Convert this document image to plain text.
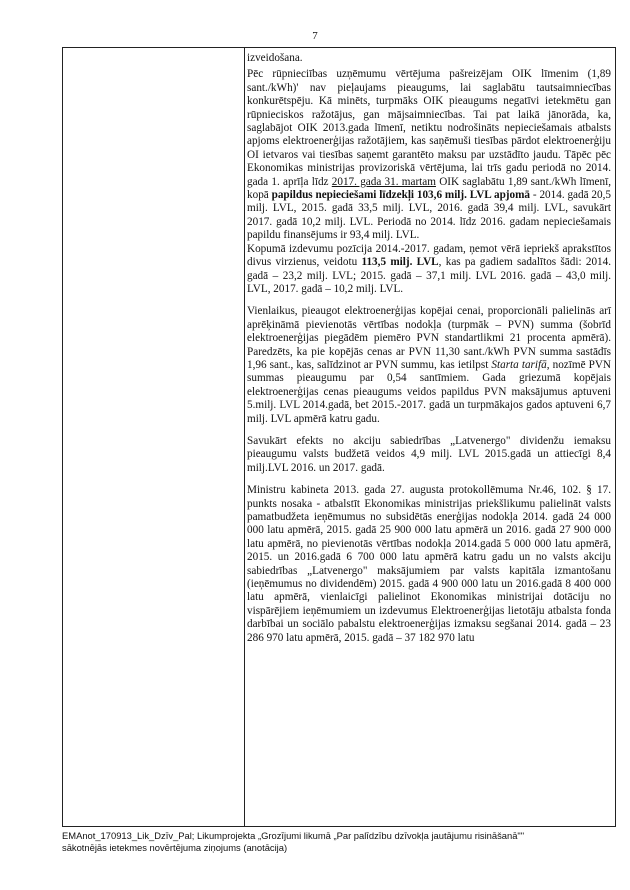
7

izveidošana.

Pēc rūpnieciības uzņēmumu vērtējuma pašreizējam OIK līmenim (1,89 sant./kWh)' nav pieļaujams pieaugums, lai saglabātu tautsaimniecības konkurētspēju. Kā minēts, turpmāks OIK pieaugums negatīvi ietekmētu gan rūpnieciskos ražotājus, gan mājsaimniecības. Tai pat laikā jānorāda, ka, saglabājot OIK 2013.gada līmenī, netiktu nodrošināts nepieciešamais atbalsts apjoms elektroenerģijas ražotājiem, kas saņēmuši tiesības pārdot elektroenerģiju OI ietvaros vai tiesības saņemt garantēto maksu par uzstādīto jaudu. Tāpēc pēc Ekonomikas ministrijas provizoriskā vērtējuma, lai trīs gadu periodā no 2014. gada 1. aprīļa līdz 2017. gada 31. martam OIK saglabātu 1,89 sant./kWh līmenī, kopā papildus nepieciešami līdzekļi 103,6 milj. LVL apjomā - 2014. gadā 20,5 milj. LVL, 2015. gadā 33,5 milj. LVL, 2016. gadā 39,4 milj. LVL, savukārt 2017. gadā 10,2 milj. LVL. Periodā no 2014. līdz 2016. gadam nepieciešamais papildu finansējums ir 93,4 milj. LVL.

Kopumā izdevumu pozīcija 2014.-2017. gadam, ņemot vērā iepriekš aprakstītos divus virzienus, veidotu 113,5 milj. LVL, kas pa gadiem sadalītos šādi: 2014. gadā – 23,2 milj. LVL; 2015. gadā – 37,1 milj. LVL 2016. gadā – 43,0 milj. LVL, 2017. gadā – 10,2 milj. LVL.

Vienlaikus, pieaugot elektroenerģijas kopējai cenai, proporcionāli palielinās arī aprēķināmā pievienotās vērtības nodokļa (turpmāk – PVN) summa (šobrīd elektroenerģijas piegādēm piemēro PVN standartlikmi 21 procenta apmērā). Paredzēts, ka pie kopējās cenas ar PVN 11,30 sant./kWh PVN summa sastādīs 1,96 sant., kas, salīdzinot ar PVN summu, kas ietilpst Starta tarifā, nozīmē PVN summas pieaugumu par 0,54 santīmiem. Gada griezumā kopējais elektroenerģijas cenas pieaugums veidos papildus PVN maksājumus aptuveni 5.milj. LVL 2014.gadā, bet 2015.-2017. gadā un turpmākajos gados aptuveni 6,7 milj. LVL apmērā katru gadu.

Savukārt efekts no akciju sabiedrības „Latvenergo" dividenžu iemaksu pieaugumu valsts budžetā veidos 4,9 milj. LVL 2015.gadā un attiecīgi 8,4 milj.LVL 2016. un 2017. gadā.

Ministru kabineta 2013. gada 27. augusta protokollēmuma Nr.46, 102. § 17. punkts nosaka - atbalstīt Ekonomikas ministrijas priekšlikumu palielināt valsts pamatbudžeta ieņēmumus no subsidētās enerģijas nodokļa 2014. gadā 24 000 000 latu apmērā, 2015. gadā 25 900 000 latu apmērā un 2016. gadā 27 900 000 latu apmērā, no pievienotās vērtības nodokļa 2014.gadā 5 000 000 latu apmērā, 2015. un 2016.gadā 6 700 000 latu apmērā katru gadu un no valsts akciju sabiedrības „Latvenergo" maksājumiem par valsts kapitāla izmantošanu (ieņēmumus no dividendēm) 2015. gadā 4 900 000 latu un 2016.gadā 8 400 000 latu apmērā, vienlaicīgi palielinot Ekonomikas ministrijai dotāciju no vispārējiem ieņēmumiem un izdevumus Elektroenerģijas lietotāju atbalsta fonda darbībai un sociālo pabalstu elektroenerģijas izmaksu segšanai 2014. gadā – 23 286 970 latu apmērā, 2015. gadā – 37 182 970 latu

EMAnot_170913_Lik_Dzīv_Pal; Likumprojekta „Grozījumi likumā „Par palīdzību dzīvokļa jautājumu risināšanā""
sākotnējās ietekmes novērtējuma ziņojums (anotācija)
